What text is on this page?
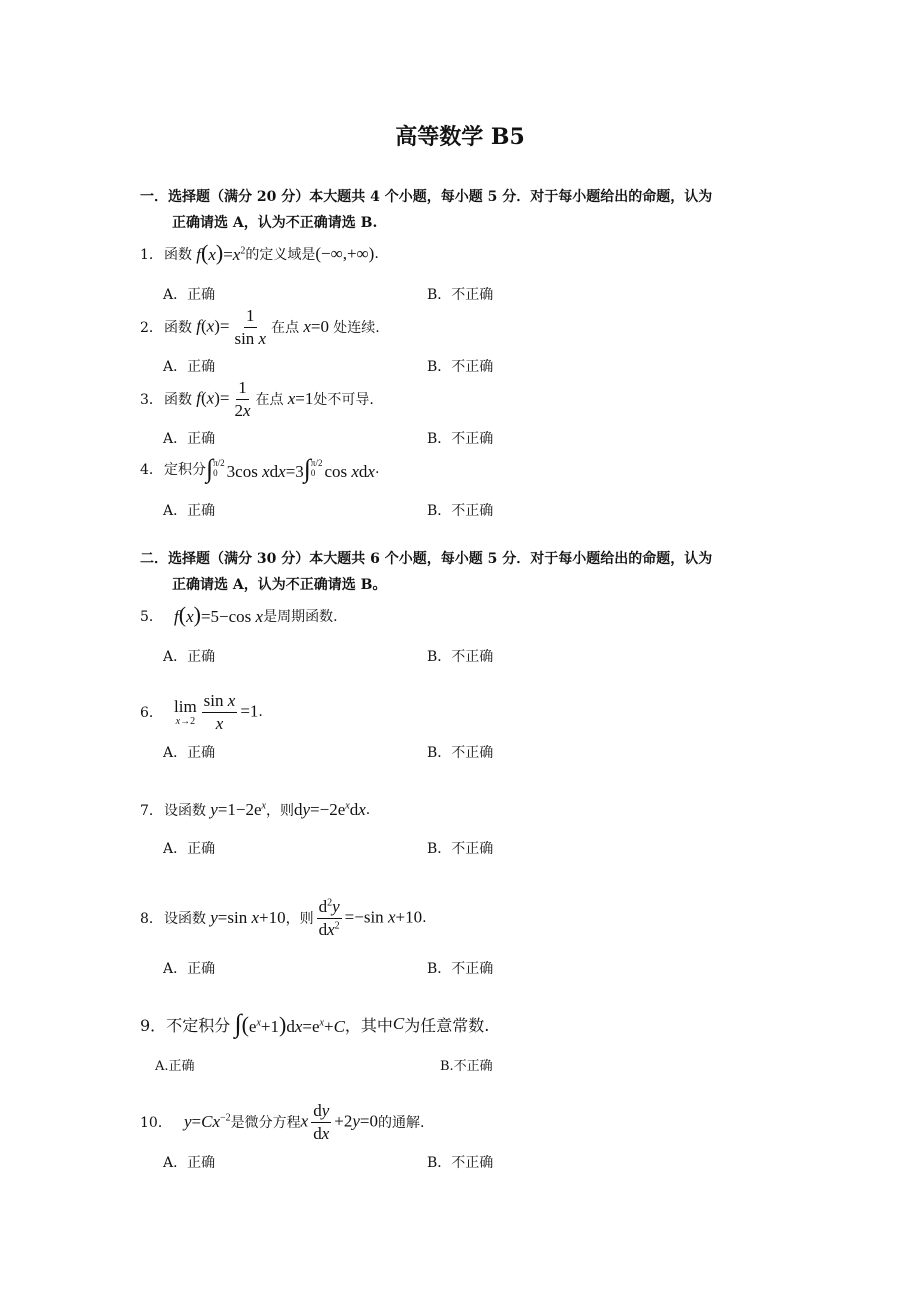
高等数学 B5
一．选择题（满分 20 分）本大题共 4 个小题，每小题 5 分．对于每小题给出的命题，认为
正确请选 A，认为不正确请选 B.
1． 函数 $f(x)=x^2$ 的定义域是 (−∞,+∞) .
A．正确	B．不正确
2． 函数 $f(x)= \frac{1}{\text{sin x}}$ 在点 x=0 处连续.
A．正确	B．不正确
3． 函数 $f(x)= \frac{1}{2x}$ 在点 x=1 处不可导.
A．正确	B．不正确
4． 定积分 ∫ π/2
0 3cos xdx=3 ∫ π/2
0 cos xdx .
A．正确	B．不正确
二．选择题（满分 30 分）本大题共 6 个小题，每小题 5 分．对于每小题给出的命题，认为
正确请选 A，认为不正确请选 B。
5． f(x)=5−cos x 是周期函数.
A．正确	B．不正确
6． lim
$x\to 2 \frac{\text{sin x}}{x} =1$ .
A．正确	B．不正确
7． 设函数 $y=1-2e^x$ ，则 $dy=-2e^xdx$ .
A．正确	B．不正确
8． 设函数 y=sin x+10 ，则 $\frac{d^2y}{dx^2} =-\sin$ x+10 .
A．正确	B．不正确
9． 不定积分
∫ $(e^x+1)dx=e^x+C$ ，其中 C 为任意常数.
A.正确	B.不正确
10． $y=Cx^{-2}$ 是微分方程 x $\frac{dy}{dx} +2y=0$ 的通解.
A．正确	B．不正确
